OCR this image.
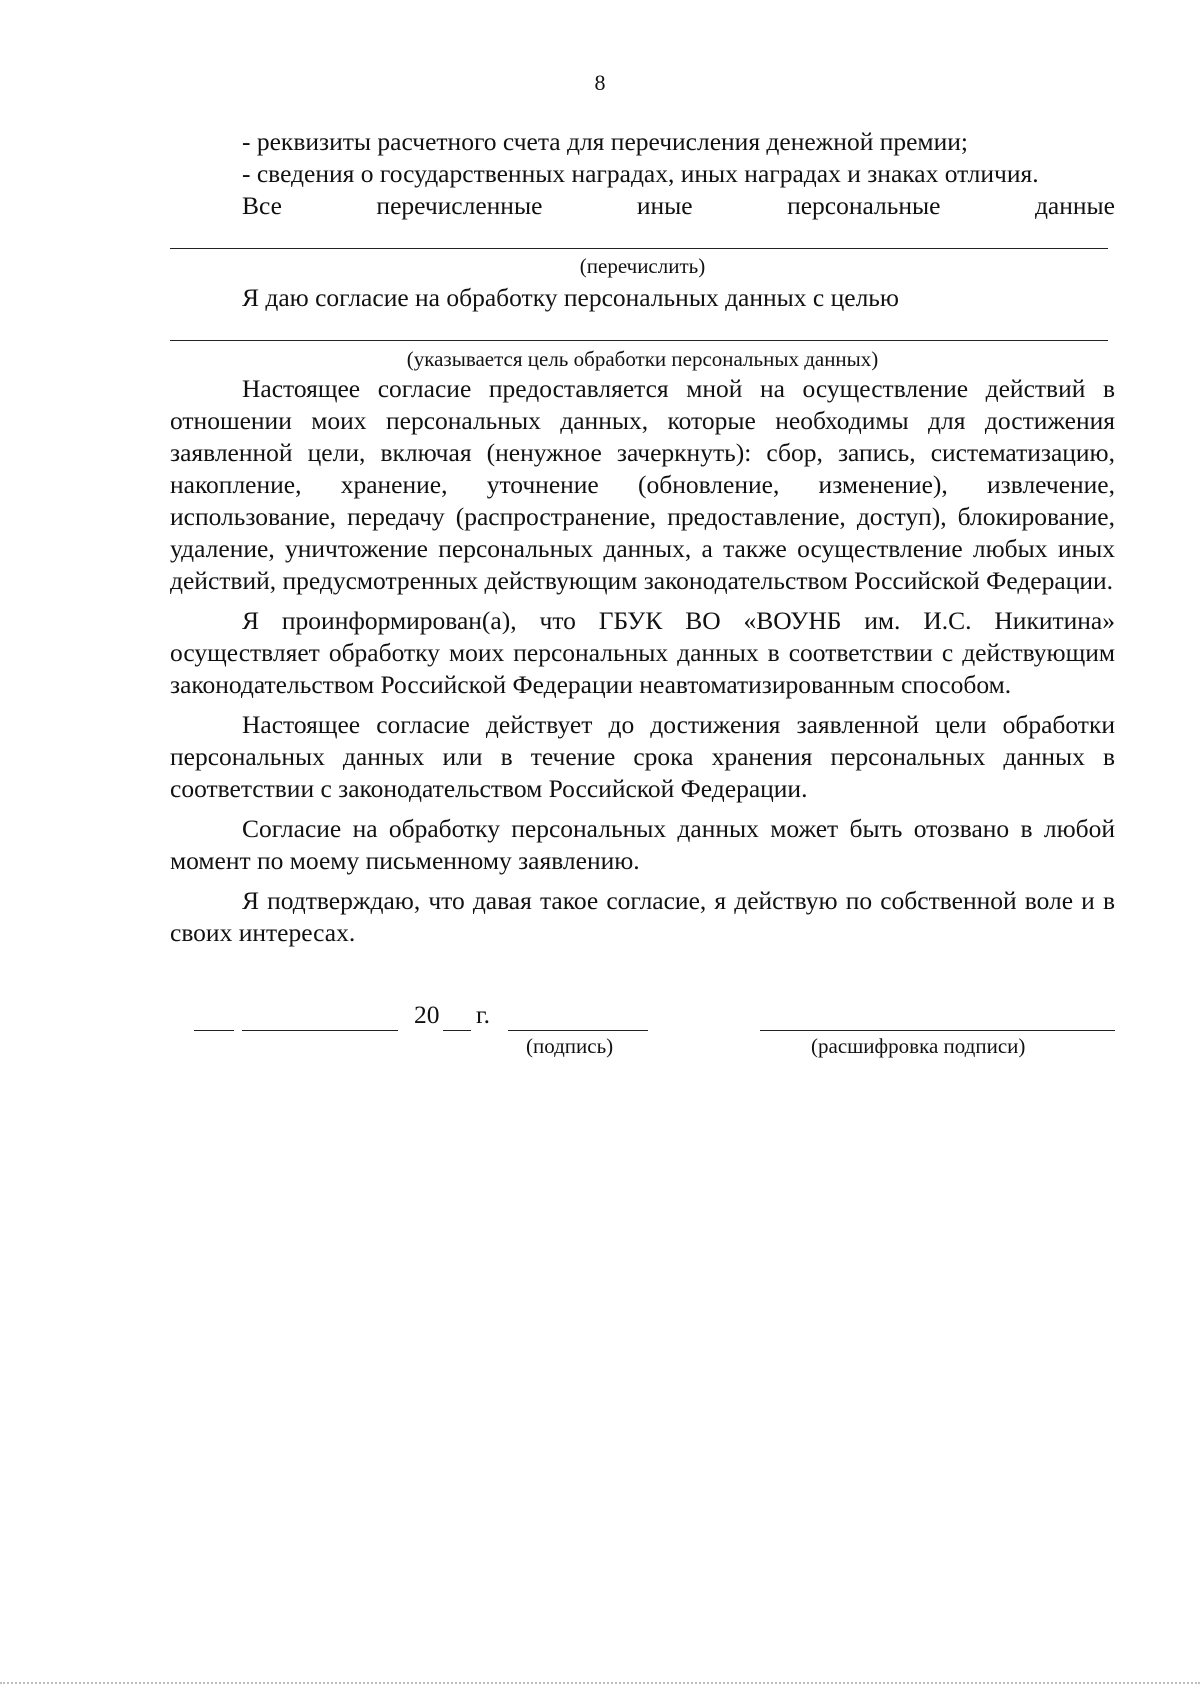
8
- реквизиты расчетного счета для перечисления денежной премии;
- сведения о государственных наградах, иных наградах и знаках отличия.
Все	перечисленные	иные	персональные	данные
(перечислить)
Я даю согласие на обработку персональных данных с целью
(указывается цель обработки персональных данных)

Настоящее согласие предоставляется мной на осуществление действий в отношении моих персональных данных, которые необходимы для достижения заявленной цели, включая (ненужное зачеркнуть): сбор, запись, систематизацию, накопление, хранение, уточнение (обновление, изменение), извлечение, использование, передачу (распространение, предоставление, доступ), блокирование, удаление, уничтожение персональных данных, а также осуществление любых иных действий, предусмотренных действующим законодательством Российской Федерации.

Я проинформирован(а), что ГБУК ВО «ВОУНБ им. И.С. Никитина» осуществляет обработку моих персональных данных в соответствии с действующим законодательством Российской Федерации неавтоматизированным способом.

Настоящее согласие действует до достижения заявленной цели обработки персональных данных или в течение срока хранения персональных данных в соответствии с законодательством Российской Федерации.

Согласие на обработку персональных данных может быть отозвано в любой момент по моему письменному заявлению.

Я подтверждаю, что давая такое согласие, я действую по собственной воле и в своих интересах.

20 г.
(подпись)	(расшифровка подписи)
